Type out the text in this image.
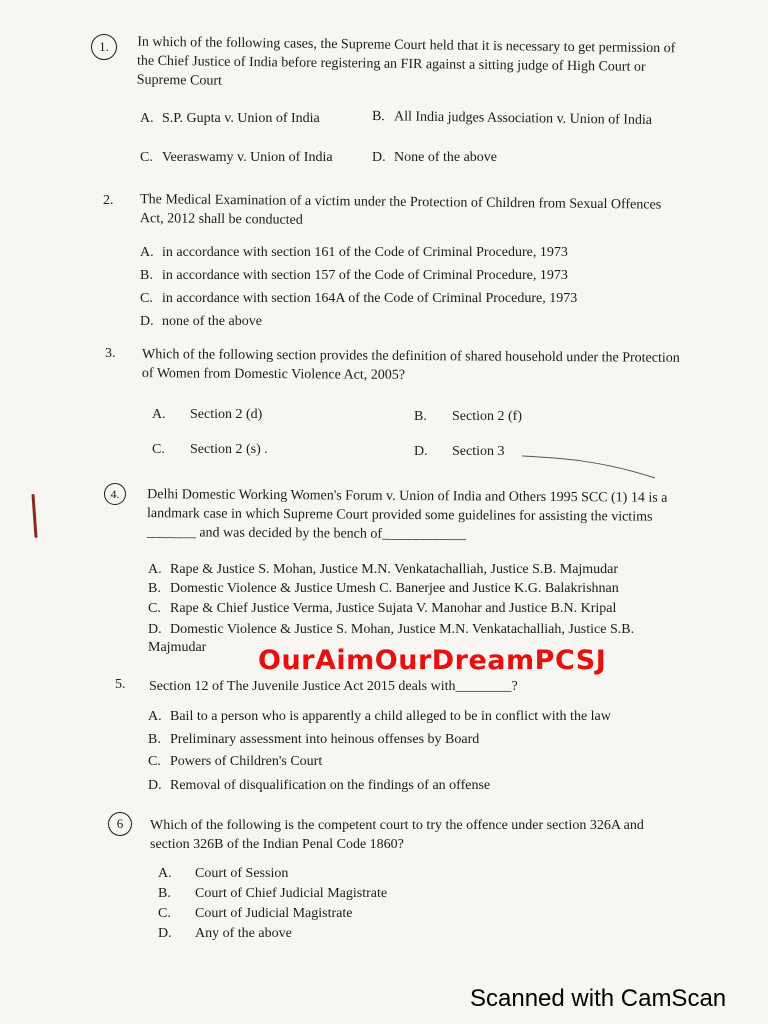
1.	In which of the following cases, the Supreme Court held that it is necessary to get permission of the Chief Justice of India before registering an FIR against a sitting judge of High Court or Supreme Court
A. S.P. Gupta v. Union of India	B. All India judges Association v. Union of India
C. Veeraswamy v. Union of India	D. None of the above
2. The Medical Examination of a victim under the Protection of Children from Sexual Offences Act, 2012 shall be conducted
A. in accordance with section 161 of the Code of Criminal Procedure, 1973
B. in accordance with section 157 of the Code of Criminal Procedure, 1973
C. in accordance with section 164A of the Code of Criminal Procedure, 1973
D. none of the above
3. Which of the following section provides the definition of shared household under the Protection of Women from Domestic Violence Act, 2005?
A. Section 2 (d)	B. Section 2 (f)
C. Section 2 (s) .	D. Section 3
4.	Delhi Domestic Working Women's Forum v. Union of India and Others 1995 SCC (1) 14 is a landmark case in which Supreme Court provided some guidelines for assisting the victims _______ and was decided by the bench of____________
A. Rape & Justice S. Mohan, Justice M.N. Venkatachalliah, Justice S.B. Majmudar
B. Domestic Violence & Justice Umesh C. Banerjee and Justice K.G. Balakrishnan
C. Rape & Chief Justice Verma, Justice Sujata V. Manohar and Justice B.N. Kripal
D. Domestic Violence & Justice S. Mohan, Justice M.N. Venkatachalliah, Justice S.B. Majmudar	OurAimOurDreamPCSJ
5. Section 12 of The Juvenile Justice Act 2015 deals with________?
A. Bail to a person who is apparently a child alleged to be in conflict with the law
B. Preliminary assessment into heinous offenses by Board
C. Powers of Children's Court
D. Removal of disqualification on the findings of an offense
6	Which of the following is the competent court to try the offence under section 326A and section 326B of the Indian Penal Code 1860?
A. Court of Session
B. Court of Chief Judicial Magistrate
C. Court of Judicial Magistrate
D. Any of the above
Scanned with CamScan
